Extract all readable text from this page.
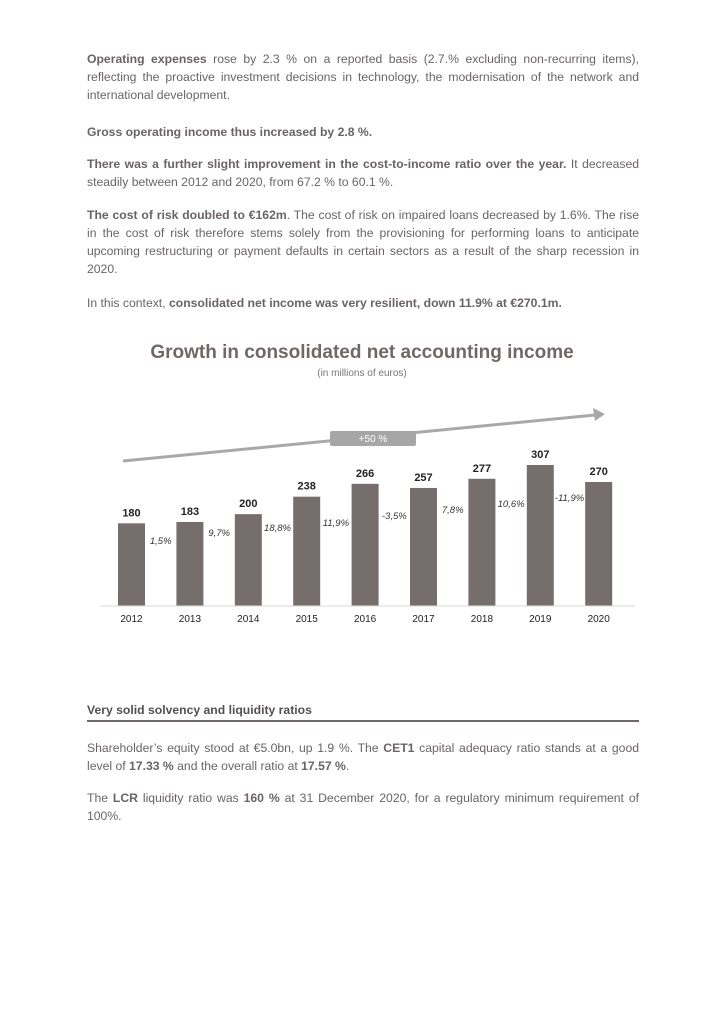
Operating expenses rose by 2.3 % on a reported basis (2.7.% excluding non-recurring items), reflecting the proactive investment decisions in technology, the modernisation of the network and international development.

Gross operating income thus increased by 2.8 %.

There was a further slight improvement in the cost-to-income ratio over the year. It decreased steadily between 2012 and 2020, from 67.2 % to 60.1 %.

The cost of risk doubled to €162m. The cost of risk on impaired loans decreased by 1.6%. The rise in the cost of risk therefore stems solely from the provisioning for performing loans to anticipate upcoming restructuring or payment defaults in certain sectors as a result of the sharp recession in 2020.

In this context, consolidated net income was very resilient, down 11.9% at €270.1m.

Growth in consolidated net accounting income
(in millions of euros)
+50 %
180
2012
183
2013
200
2014
238
2015
266
2016
257
2017
277
2018
307
2019
270
2020
1,5%
9,7%	18,8%	11,9%
-3,5%
7,8%
10,6%
-11,9%

Very solid solvency and liquidity ratios

Shareholder’s equity stood at €5.0bn, up 1.9 %. The CET1 capital adequacy ratio stands at a good level of 17.33 % and the overall ratio at 17.57 %.

The LCR liquidity ratio was 160 % at 31 December 2020, for a regulatory minimum requirement of 100%.
